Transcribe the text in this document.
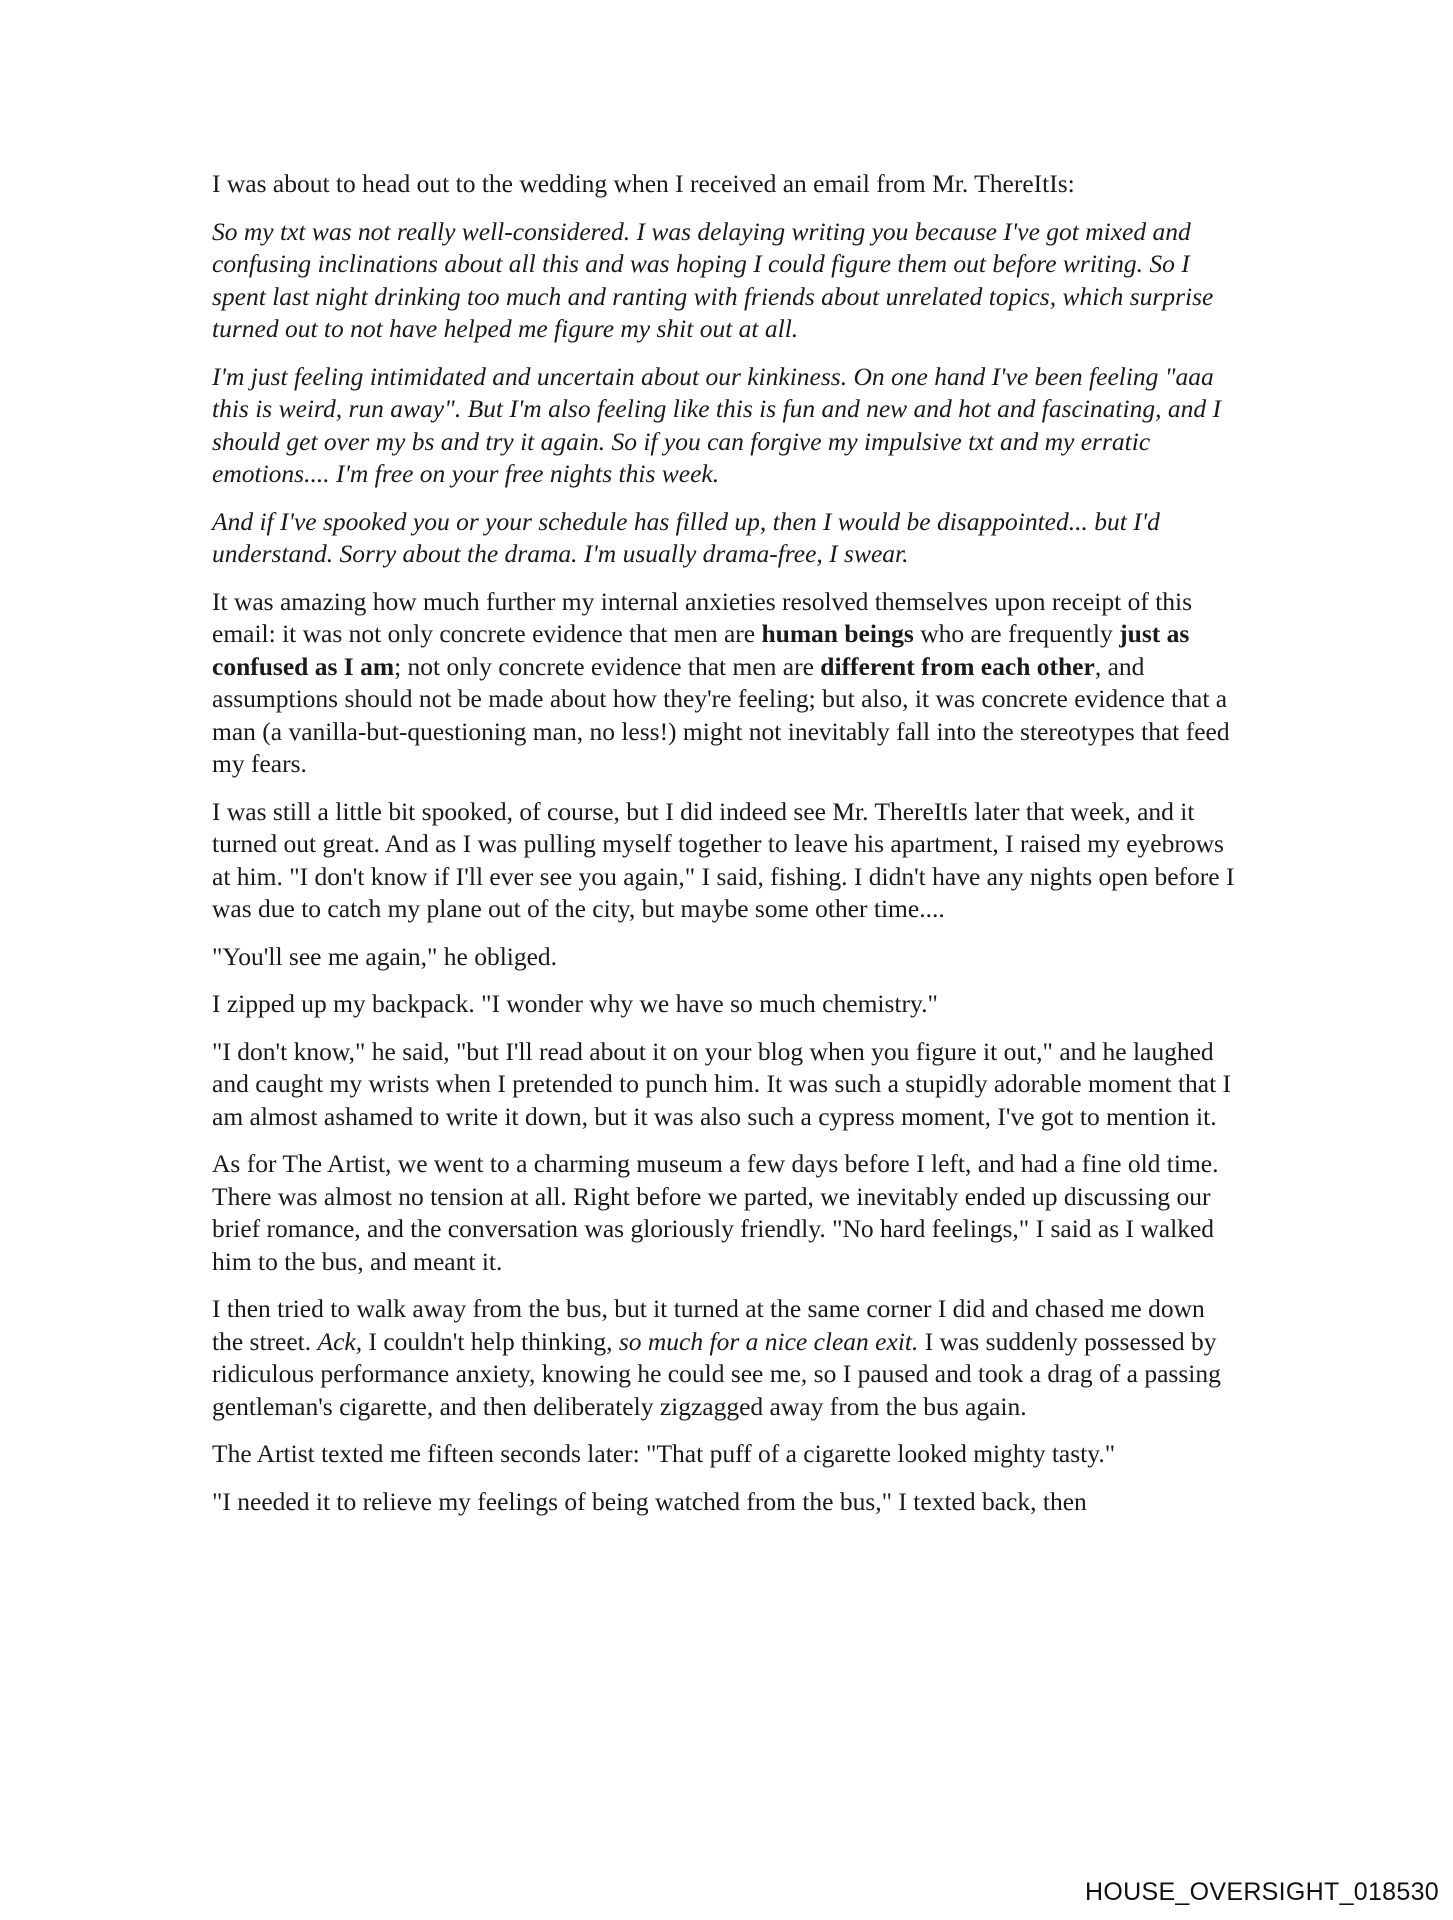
I was about to head out to the wedding when I received an email from Mr. ThereItIs:

So my txt was not really well-considered. I was delaying writing you because I've got mixed and confusing inclinations about all this and was hoping I could figure them out before writing. So I spent last night drinking too much and ranting with friends about unrelated topics, which surprise turned out to not have helped me figure my shit out at all.

I'm just feeling intimidated and uncertain about our kinkiness. On one hand I've been feeling "aaa this is weird, run away". But I'm also feeling like this is fun and new and hot and fascinating, and I should get over my bs and try it again. So if you can forgive my impulsive txt and my erratic emotions.... I'm free on your free nights this week.

And if I've spooked you or your schedule has filled up, then I would be disappointed... but I'd understand. Sorry about the drama. I'm usually drama-free, I swear.

It was amazing how much further my internal anxieties resolved themselves upon receipt of this email: it was not only concrete evidence that men are human beings who are frequently just as confused as I am; not only concrete evidence that men are different from each other, and assumptions should not be made about how they're feeling; but also, it was concrete evidence that a man (a vanilla-but-questioning man, no less!) might not inevitably fall into the stereotypes that feed my fears.

I was still a little bit spooked, of course, but I did indeed see Mr. ThereItIs later that week, and it turned out great. And as I was pulling myself together to leave his apartment, I raised my eyebrows at him. "I don't know if I'll ever see you again," I said, fishing. I didn't have any nights open before I was due to catch my plane out of the city, but maybe some other time....

"You'll see me again," he obliged.

I zipped up my backpack. "I wonder why we have so much chemistry."

"I don't know," he said, "but I'll read about it on your blog when you figure it out," and he laughed and caught my wrists when I pretended to punch him. It was such a stupidly adorable moment that I am almost ashamed to write it down, but it was also such a cypress moment, I've got to mention it.

As for The Artist, we went to a charming museum a few days before I left, and had a fine old time. There was almost no tension at all. Right before we parted, we inevitably ended up discussing our brief romance, and the conversation was gloriously friendly. "No hard feelings," I said as I walked him to the bus, and meant it.

I then tried to walk away from the bus, but it turned at the same corner I did and chased me down the street. Ack, I couldn't help thinking, so much for a nice clean exit. I was suddenly possessed by ridiculous performance anxiety, knowing he could see me, so I paused and took a drag of a passing gentleman's cigarette, and then deliberately zigzagged away from the bus again.

The Artist texted me fifteen seconds later: "That puff of a cigarette looked mighty tasty."

"I needed it to relieve my feelings of being watched from the bus," I texted back, then

HOUSE_OVERSIGHT_018530
